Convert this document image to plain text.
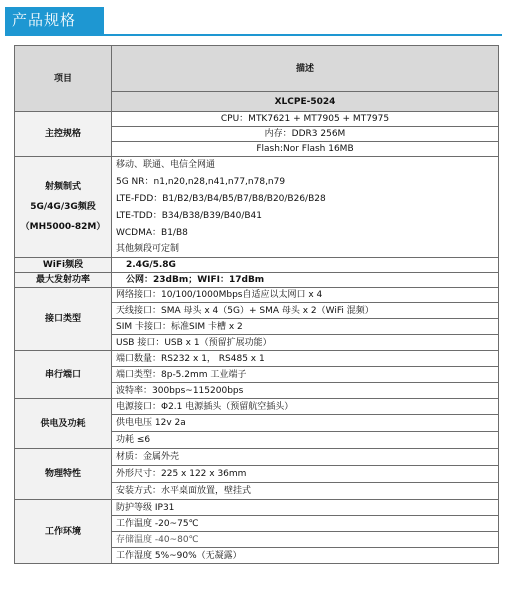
产品规格
项目	描述
	XLCPE-5024
主控规格	CPU：MTK7621 + MT7905 + MT7975
	内存：DDR3 256M
	Flash:Nor Flash 16MB

射频制式
5G/4G/3G频段
（MH5000-82M）	移动、联通、电信全网通
	5G NR：n1,n20,n28,n41,n77,n78,n79
	LTE-FDD：B1/B2/B3/B4/B5/B7/B8/B20/B26/B28
	LTE-TDD：B34/B38/B39/B40/B41
	WCDMA：B1/B8
	其他频段可定制
WiFi频段	2.4G/5.8G
最大发射功率	公网：23dBm；WIFI：17dBm
接口类型	网络接口：10/100/1000Mbps自适应以太网口 x 4
	天线接口：SMA 母头 x 4（5G）+ SMA 母头 x 2（WiFi 混频）
	SIM 卡接口：标准SIM 卡槽 x 2
	USB 接口：USB x 1（预留扩展功能）
串行端口	端口数量：RS232 x 1， RS485 x 1
	端口类型：8p-5.2mm 工业端子
	波特率：300bps~115200bps
供电及功耗	电源接口：Φ2.1 电源插头（预留航空插头）
	供电电压 12v 2a
	功耗 ≤6
物理特性	材质：金属外壳
	外形尺寸：225 x 122 x 36mm
	安装方式：水平桌面放置，壁挂式
工作环境	防护等级 IP31
	工作温度 -20~75℃
	存储温度 -40~80℃
	工作湿度 5%~90%（无凝露）
